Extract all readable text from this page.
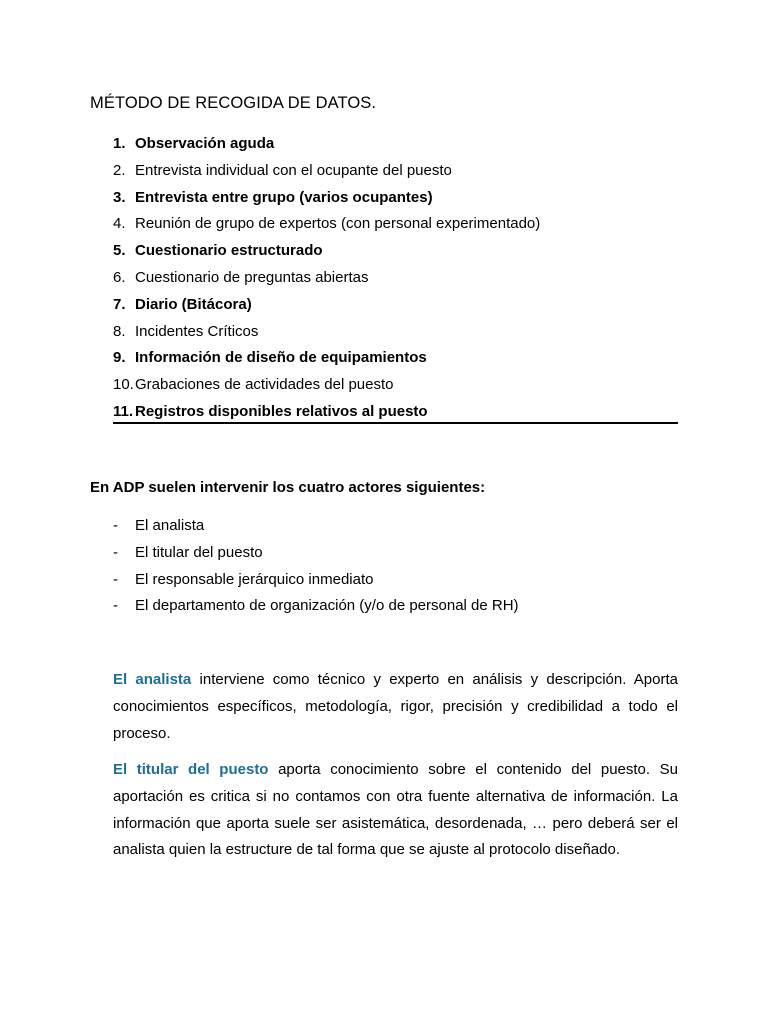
MÉTODO DE RECOGIDA DE DATOS.
1. Observación aguda
2. Entrevista individual con el ocupante del puesto
3. Entrevista entre grupo (varios ocupantes)
4. Reunión de grupo de expertos (con personal experimentado)
5. Cuestionario estructurado
6. Cuestionario de preguntas abiertas
7. Diario (Bitácora)
8. Incidentes Críticos
9. Información de diseño de equipamientos
10. Grabaciones de actividades del puesto
11. Registros disponibles relativos al puesto

En ADP suelen intervenir los cuatro actores siguientes:

- El analista
- El titular del puesto
- El responsable jerárquico inmediato
- El departamento de organización (y/o de personal de RH)

El analista interviene como técnico y experto en análisis y descripción. Aporta conocimientos específicos, metodología, rigor, precisión y credibilidad a todo el proceso.

El titular del puesto aporta conocimiento sobre el contenido del puesto. Su aportación es critica si no contamos con otra fuente alternativa de información. La información que aporta suele ser asistemática, desordenada, … pero deberá ser el analista quien la estructure de tal forma que se ajuste al protocolo diseñado.
